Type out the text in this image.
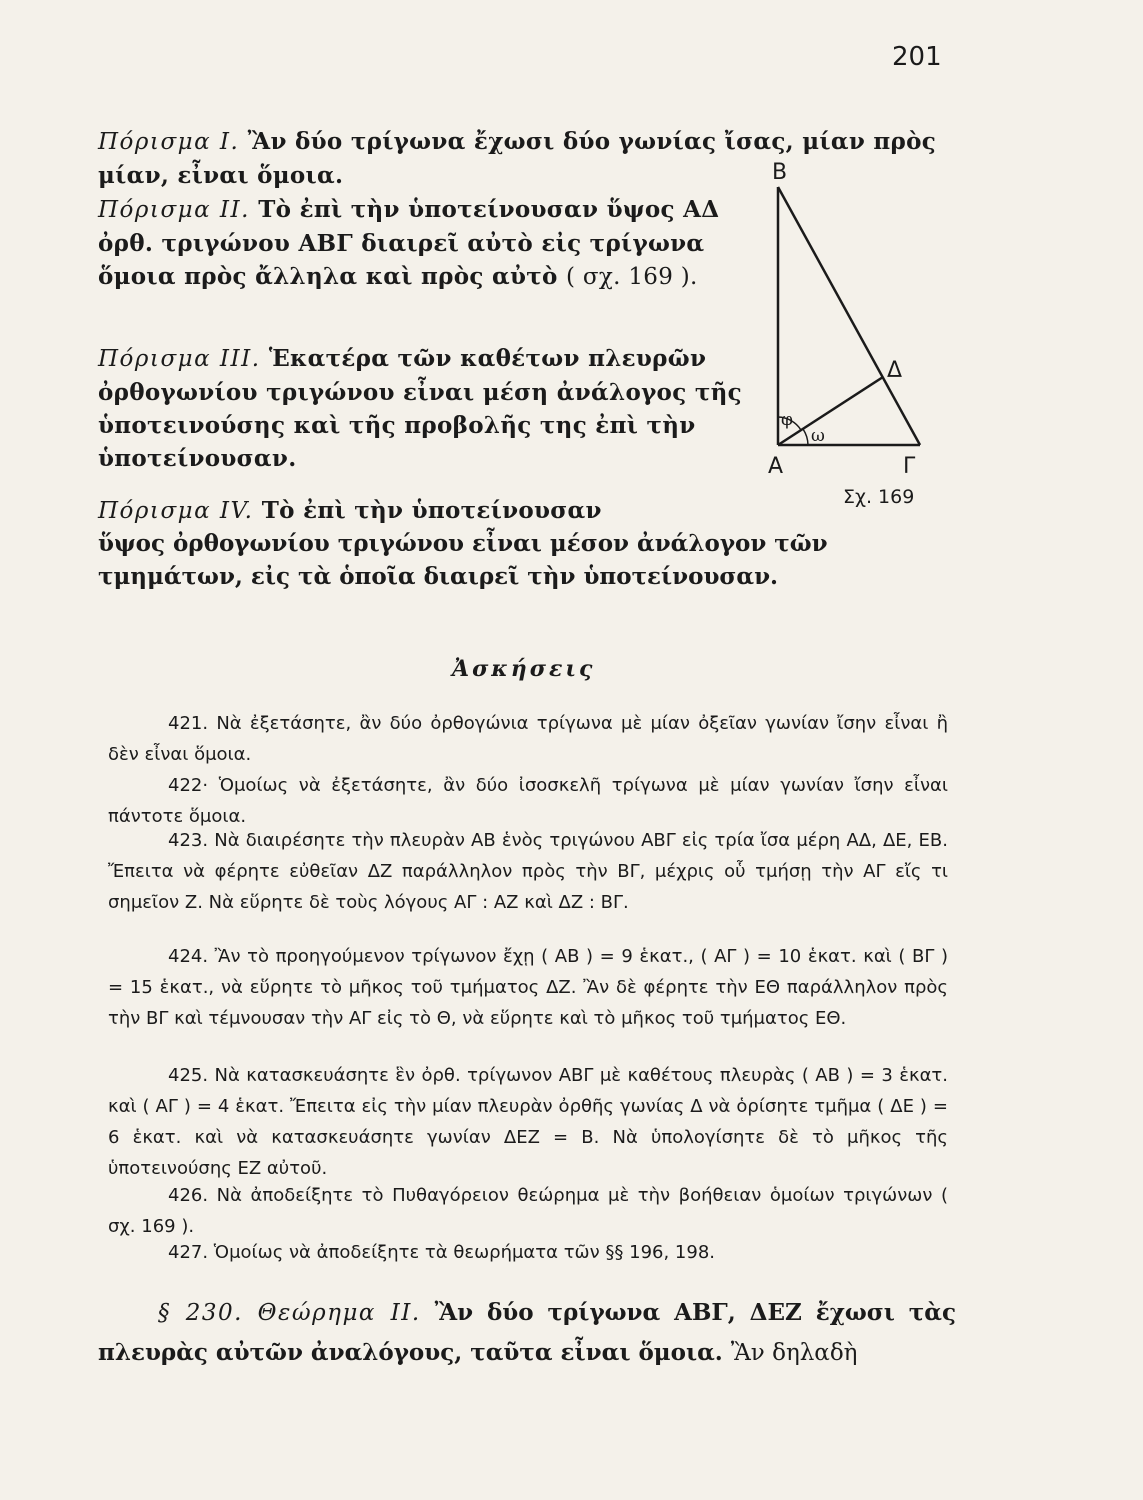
201
Πόρισμα I. Ἂν δύο τρίγωνα ἔχωσι δύο γωνίας ἴσας, μίαν πρὸς μίαν, εἶναι ὅμοια.
Πόρισμα II. Τὸ ἐπὶ τὴν ὑποτείνουσαν ὕψος ΑΔ ὀρθ. τριγώνου ΑΒΓ διαιρεῖ αὐτὸ εἰς τρίγωνα ὅμοια πρὸς ἄλληλα καὶ πρὸς αὐτὸ ( σχ. 169 ).
Πόρισμα III. Ἑκατέρα τῶν καθέτων πλευρῶν ὀρθογωνίου τριγώνου εἶναι μέση ἀνάλογος τῆς ὑποτεινούσης καὶ τῆς προβολῆς της ἐπὶ τὴν ὑποτείνουσαν.
Πόρισμα IV. Τὸ ἐπὶ τὴν ὑποτείνουσαν
ὕψος ὀρθογωνίου τριγώνου εἶναι μέσον ἀνάλογον τῶν τμημάτων, εἰς τὰ ὁποῖα διαιρεῖ τὴν ὑποτείνουσαν.
B
A	Γ
Δ
φ
ω
Σχ. 169
Ἀσκήσεις
421. Νὰ ἐξετάσητε, ἂν δύο ὀρθογώνια τρίγωνα μὲ μίαν ὀξεῖαν γωνίαν ἴσην εἶναι ἢ δὲν εἶναι ὅμοια.
422· Ὁμοίως νὰ ἐξετάσητε, ἂν δύο ἰσοσκελῆ τρίγωνα μὲ μίαν γωνίαν ἴσην εἶναι πάντοτε ὅμοια.
423. Νὰ διαιρέσητε τὴν πλευρὰν ΑΒ ἑνὸς τριγώνου ΑΒΓ εἰς τρία ἴσα μέρη ΑΔ, ΔΕ, ΕΒ. Ἔπειτα νὰ φέρητε εὐθεῖαν ΔΖ παράλληλον πρὸς τὴν ΒΓ, μέχρις οὗ τμήσῃ τὴν ΑΓ εἴς τι σημεῖον Ζ. Νὰ εὕρητε δὲ τοὺς λόγους ΑΓ : ΑΖ καὶ ΔΖ : ΒΓ.
424. Ἂν τὸ προηγούμενον τρίγωνον ἔχῃ ( ΑΒ ) = 9 ἑκατ., ( ΑΓ ) = 10 ἑκατ. καὶ ( ΒΓ ) = 15 ἑκατ., νὰ εὕρητε τὸ μῆκος τοῦ τμήματος ΔΖ. Ἂν δὲ φέρητε τὴν ΕΘ παράλληλον πρὸς τὴν ΒΓ καὶ τέμνουσαν τὴν ΑΓ εἰς τὸ Θ, νὰ εὕρητε καὶ τὸ μῆκος τοῦ τμήματος ΕΘ.
425. Νὰ κατασκευάσητε ἓν ὀρθ. τρίγωνον ΑΒΓ μὲ καθέτους πλευρὰς ( ΑΒ ) = 3 ἑκατ. καὶ ( ΑΓ ) = 4 ἑκατ. Ἔπειτα εἰς τὴν μίαν πλευρὰν ὀρθῆς γωνίας Δ νὰ ὁρίσητε τμῆμα ( ΔΕ ) = 6 ἑκατ. καὶ νὰ κατασκευάσητε γωνίαν ΔΕΖ = Β. Νὰ ὑπολογίσητε δὲ τὸ μῆκος τῆς ὑποτεινούσης ΕΖ αὐτοῦ.
426. Νὰ ἀποδείξητε τὸ Πυθαγόρειον θεώρημα μὲ τὴν βοήθειαν ὁμοίων τριγώνων ( σχ. 169 ).
427. Ὁμοίως νὰ ἀποδείξητε τὰ θεωρήματα τῶν §§ 196, 198.
§ 230. Θεώρημα II. Ἂν δύο τρίγωνα ΑΒΓ, ΔΕΖ ἔχωσι τὰς πλευρὰς αὐτῶν ἀναλόγους, ταῦτα εἶναι ὅμοια. Ἂν δηλαδὴ
